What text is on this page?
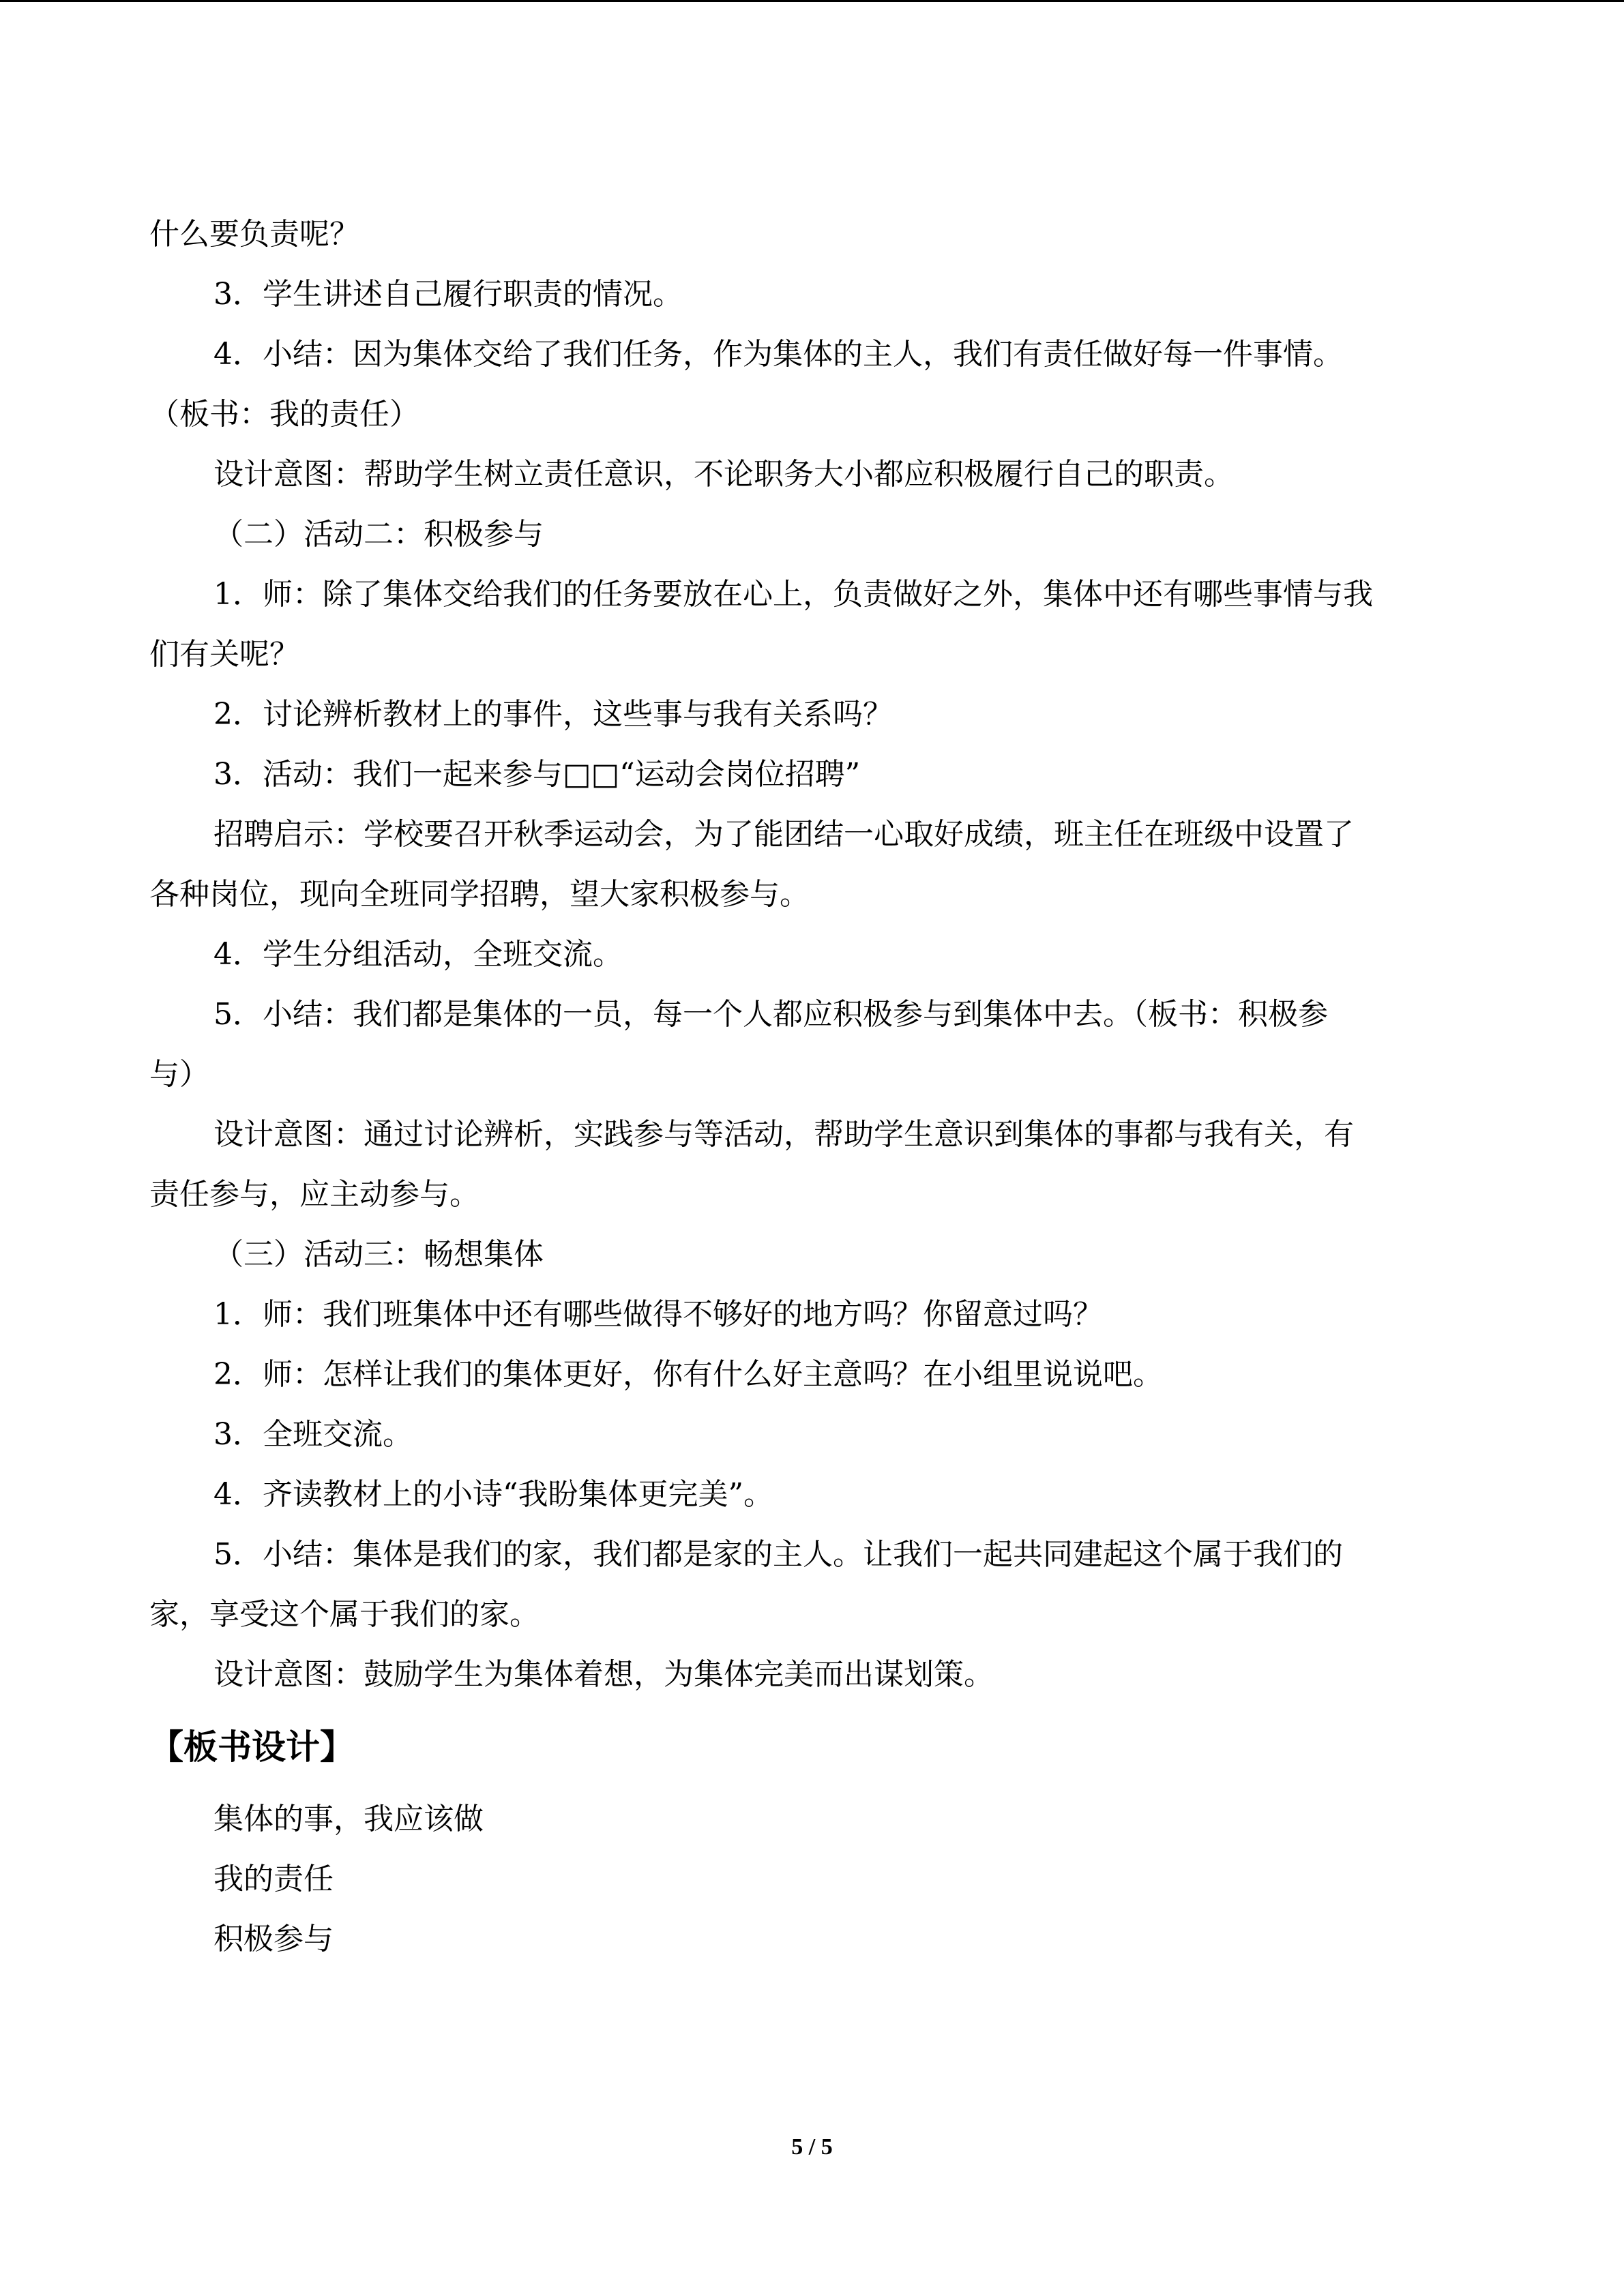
什么要负责呢？
3．学生讲述自己履行职责的情况。
4．小结：因为集体交给了我们任务，作为集体的主人，我们有责任做好每一件事情。
（板书：我的责任）
设计意图：帮助学生树立责任意识，不论职务大小都应积极履行自己的职责。
（二）活动二：积极参与
1．师：除了集体交给我们的任务要放在心上，负责做好之外，集体中还有哪些事情与我
们有关呢？
2．讨论辨析教材上的事件，这些事与我有关系吗？
3．活动：我们一起来参与□□“运动会岗位招聘”
招聘启示：学校要召开秋季运动会，为了能团结一心取好成绩，班主任在班级中设置了
各种岗位，现向全班同学招聘，望大家积极参与。
4．学生分组活动，全班交流。
5．小结：我们都是集体的一员，每一个人都应积极参与到集体中去。（板书：积极参
与）
设计意图：通过讨论辨析，实践参与等活动，帮助学生意识到集体的事都与我有关，有
责任参与，应主动参与。
（三）活动三：畅想集体
1．师：我们班集体中还有哪些做得不够好的地方吗？你留意过吗？
2．师：怎样让我们的集体更好，你有什么好主意吗？在小组里说说吧。
3．全班交流。
4．齐读教材上的小诗“我盼集体更完美”。
5．小结：集体是我们的家，我们都是家的主人。让我们一起共同建起这个属于我们的
家，享受这个属于我们的家。
设计意图：鼓励学生为集体着想，为集体完美而出谋划策。
【板书设计】
集体的事，我应该做
我的责任
积极参与
5 / 5
